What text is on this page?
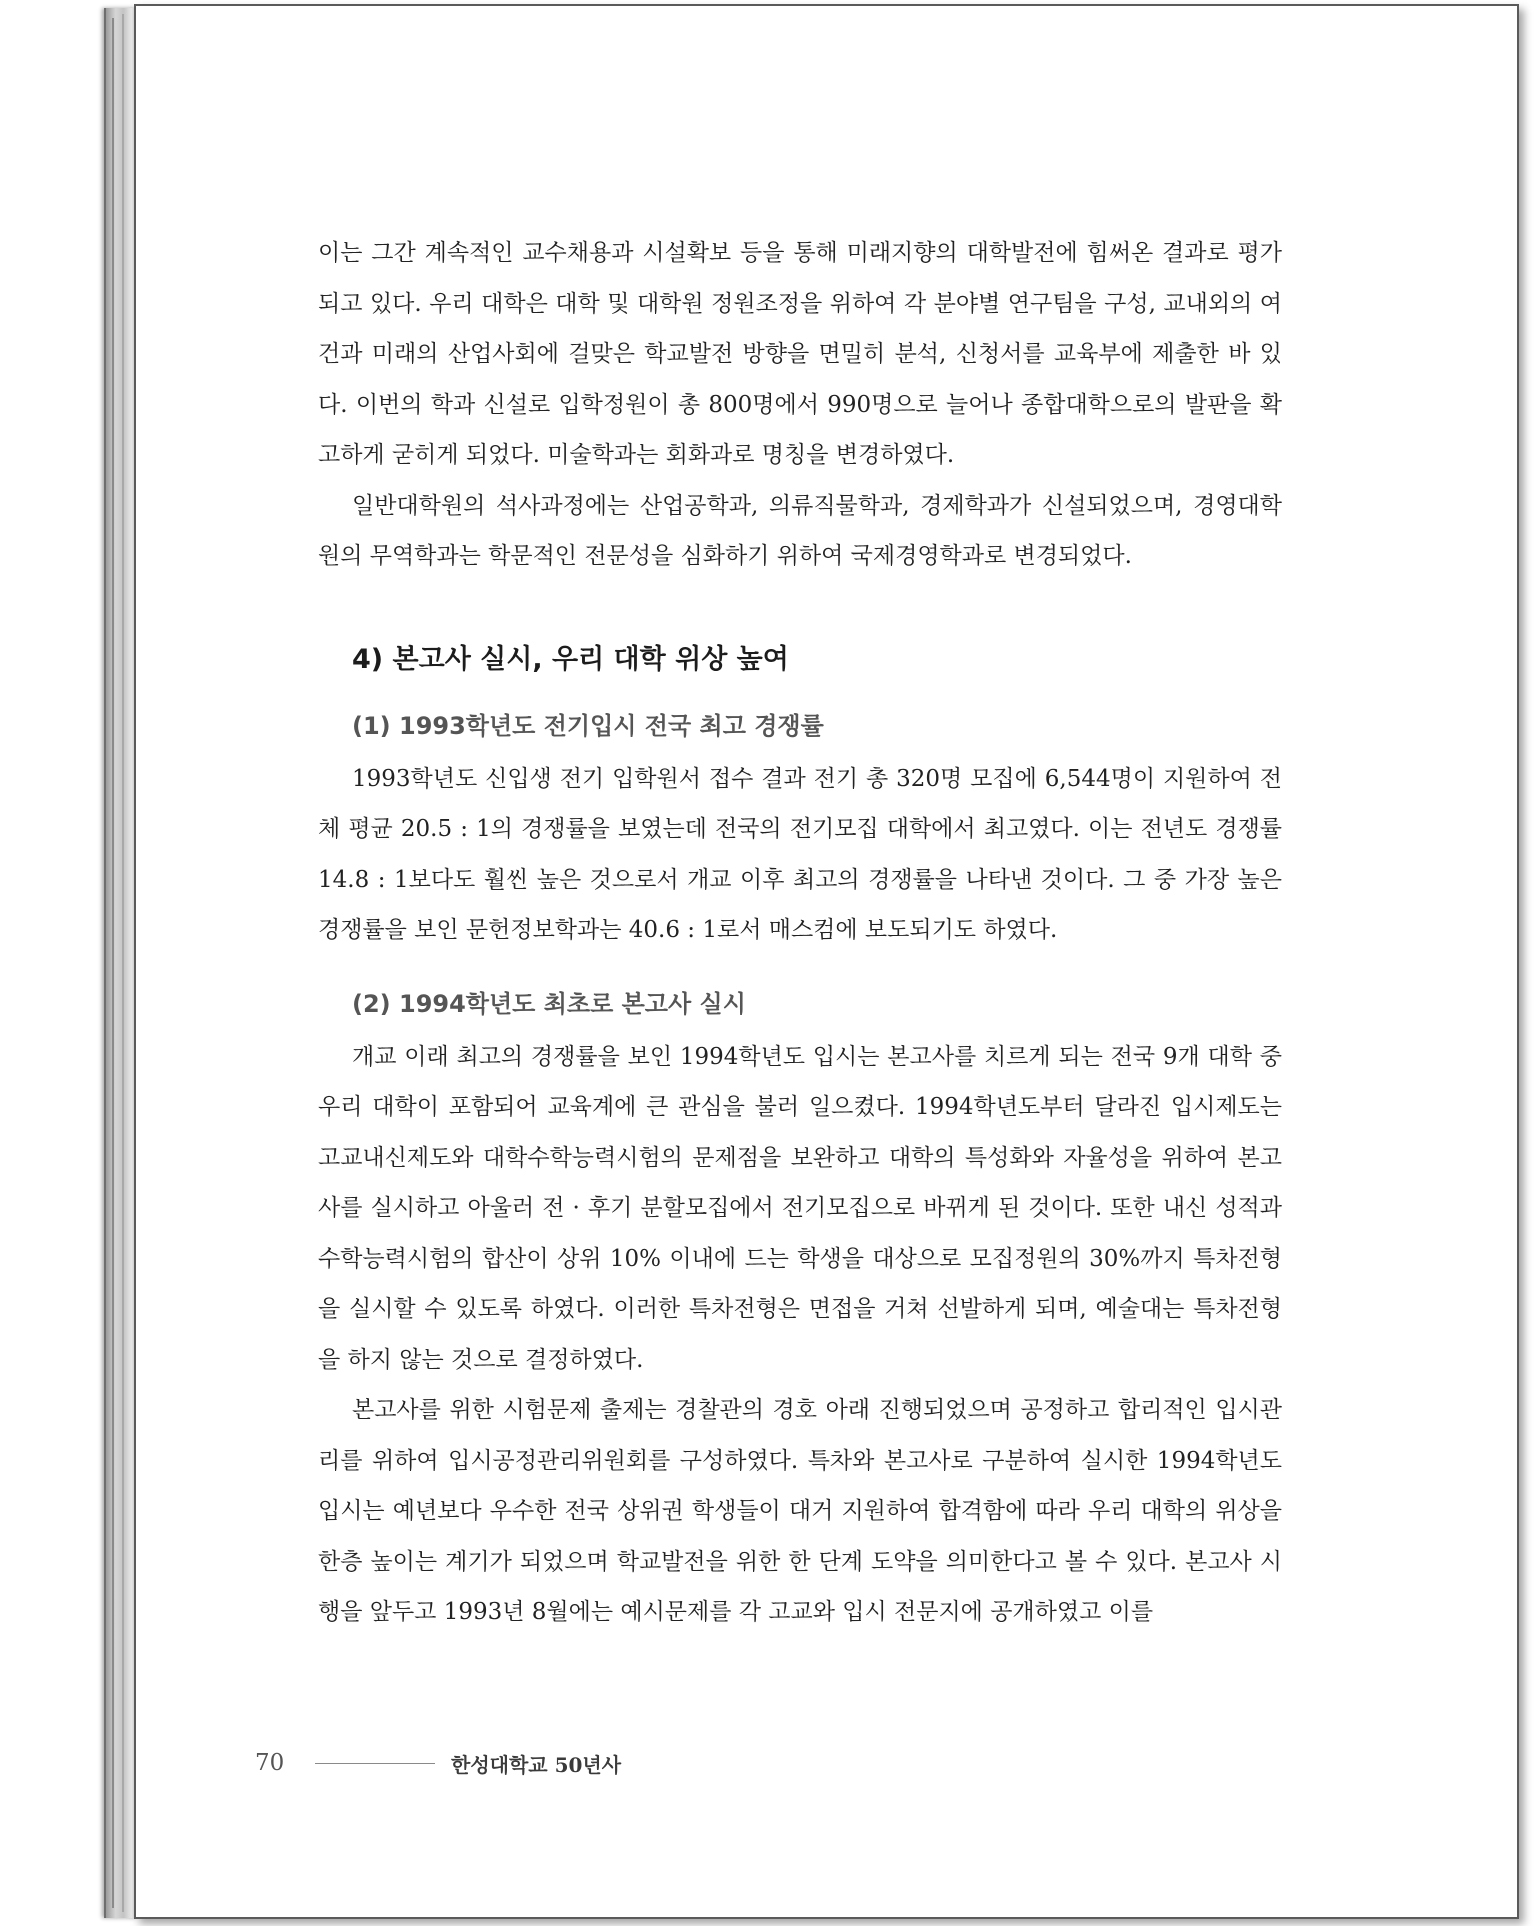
이는 그간 계속적인 교수채용과 시설확보 등을 통해 미래지향의 대학발전에 힘써온 결과로 평가되고 있다. 우리 대학은 대학 및 대학원 정원조정을 위하여 각 분야별 연구팀을 구성, 교내외의 여건과 미래의 산업사회에 걸맞은 학교발전 방향을 면밀히 분석, 신청서를 교육부에 제출한 바 있다. 이번의 학과 신설로 입학정원이 총 800명에서 990명으로 늘어나 종합대학으로의 발판을 확고하게 굳히게 되었다. 미술학과는 회화과로 명칭을 변경하였다.

일반대학원의 석사과정에는 산업공학과, 의류직물학과, 경제학과가 신설되었으며, 경영대학원의 무역학과는 학문적인 전문성을 심화하기 위하여 국제경영학과로 변경되었다.

4) 본고사 실시, 우리 대학 위상 높여
(1) 1993학년도 전기입시 전국 최고 경쟁률

1993학년도 신입생 전기 입학원서 접수 결과 전기 총 320명 모집에 6,544명이 지원하여 전체 평균 20.5 : 1의 경쟁률을 보였는데 전국의 전기모집 대학에서 최고였다. 이는 전년도 경쟁률 14.8 : 1보다도 훨씬 높은 것으로서 개교 이후 최고의 경쟁률을 나타낸 것이다. 그 중 가장 높은 경쟁률을 보인 문헌정보학과는 40.6 : 1로서 매스컴에 보도되기도 하였다.

(2) 1994학년도 최초로 본고사 실시

개교 이래 최고의 경쟁률을 보인 1994학년도 입시는 본고사를 치르게 되는 전국 9개 대학 중 우리 대학이 포함되어 교육계에 큰 관심을 불러 일으켰다. 1994학년도부터 달라진 입시제도는 고교내신제도와 대학수학능력시험의 문제점을 보완하고 대학의 특성화와 자율성을 위하여 본고사를 실시하고 아울러 전 · 후기 분할모집에서 전기모집으로 바뀌게 된 것이다. 또한 내신 성적과 수학능력시험의 합산이 상위 10% 이내에 드는 학생을 대상으로 모집정원의 30%까지 특차전형을 실시할 수 있도록 하였다. 이러한 특차전형은 면접을 거쳐 선발하게 되며, 예술대는 특차전형을 하지 않는 것으로 결정하였다.

본고사를 위한 시험문제 출제는 경찰관의 경호 아래 진행되었으며 공정하고 합리적인 입시관리를 위하여 입시공정관리위원회를 구성하였다. 특차와 본고사로 구분하여 실시한 1994학년도 입시는 예년보다 우수한 전국 상위권 학생들이 대거 지원하여 합격함에 따라 우리 대학의 위상을 한층 높이는 계기가 되었으며 학교발전을 위한 한 단계 도약을 의미한다고 볼 수 있다. 본고사 시행을 앞두고 1993년 8월에는 예시문제를 각 고교와 입시 전문지에 공개하였고 이를

70	한성대학교 50년사
